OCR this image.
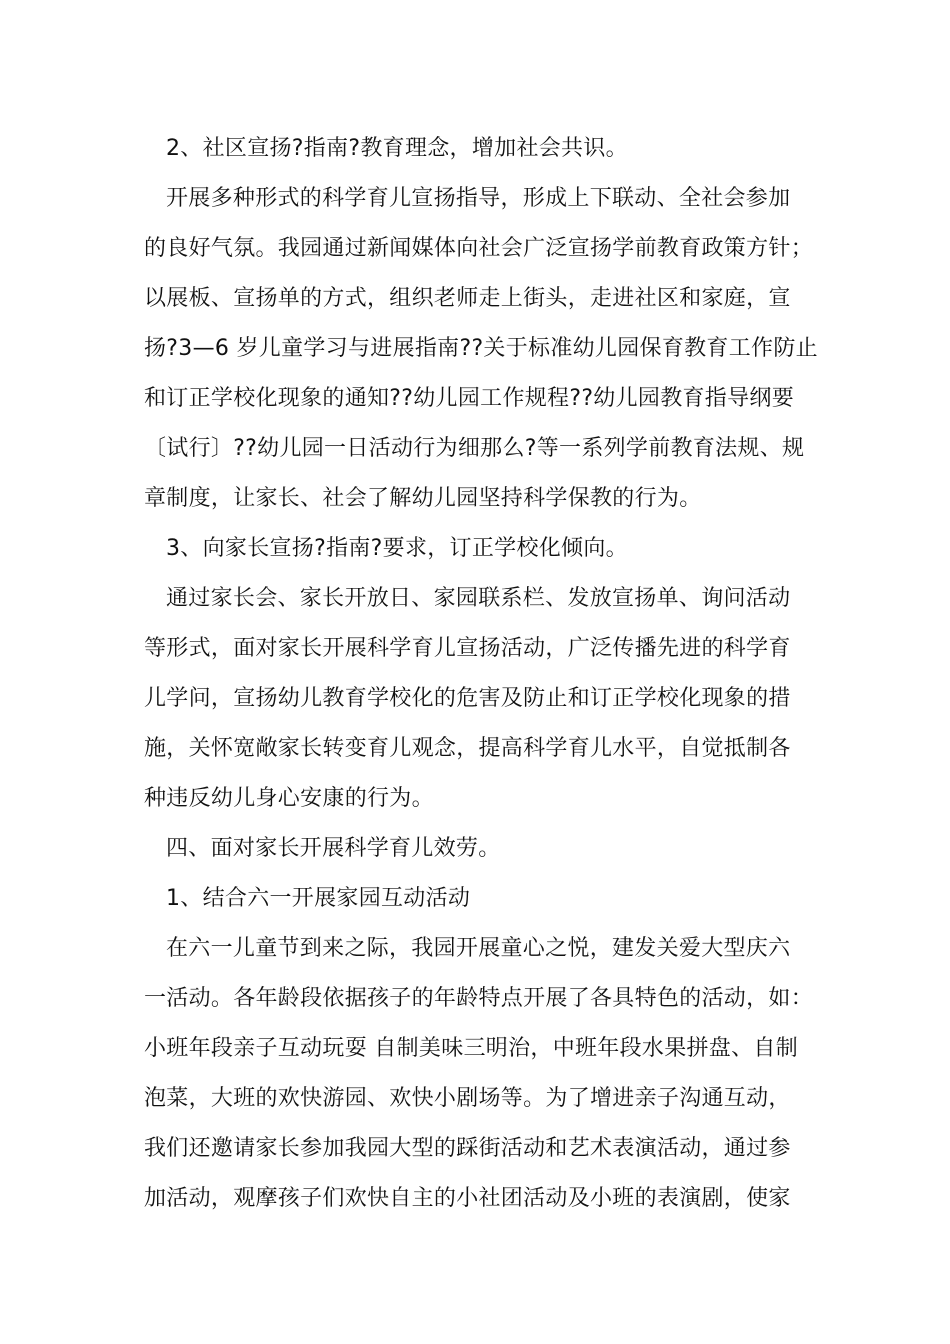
2、社区宣扬?指南?教育理念，增加社会共识。
开展多种形式的科学育儿宣扬指导，形成上下联动、全社会参加
的良好气氛。我园通过新闻媒体向社会广泛宣扬学前教育政策方针；
以展板、宣扬单的方式，组织老师走上街头，走进社区和家庭，宣
扬?3—6 岁儿童学习与进展指南??关于标准幼儿园保育教育工作防止
和订正学校化现象的通知??幼儿园工作规程??幼儿园教育指导纲要
〔试行〕??幼儿园一日活动行为细那么?等一系列学前教育法规、规
章制度，让家长、社会了解幼儿园坚持科学保教的行为。
3、向家长宣扬?指南?要求，订正学校化倾向。
通过家长会、家长开放日、家园联系栏、发放宣扬单、询问活动
等形式，面对家长开展科学育儿宣扬活动，广泛传播先进的科学育
儿学问，宣扬幼儿教育学校化的危害及防止和订正学校化现象的措
施，关怀宽敞家长转变育儿观念，提高科学育儿水平，自觉抵制各
种违反幼儿身心安康的行为。
四、面对家长开展科学育儿效劳。
1、结合六一开展家园互动活动
在六一儿童节到来之际，我园开展童心之悦，建发关爱大型庆六
一活动。各年龄段依据孩子的年龄特点开展了各具特色的活动，如：
小班年段亲子互动玩耍 自制美味三明治，中班年段水果拼盘、自制
泡菜，大班的欢快游园、欢快小剧场等。为了增进亲子沟通互动，
我们还邀请家长参加我园大型的踩街活动和艺术表演活动，通过参
加活动，观摩孩子们欢快自主的小社团活动及小班的表演剧，使家
